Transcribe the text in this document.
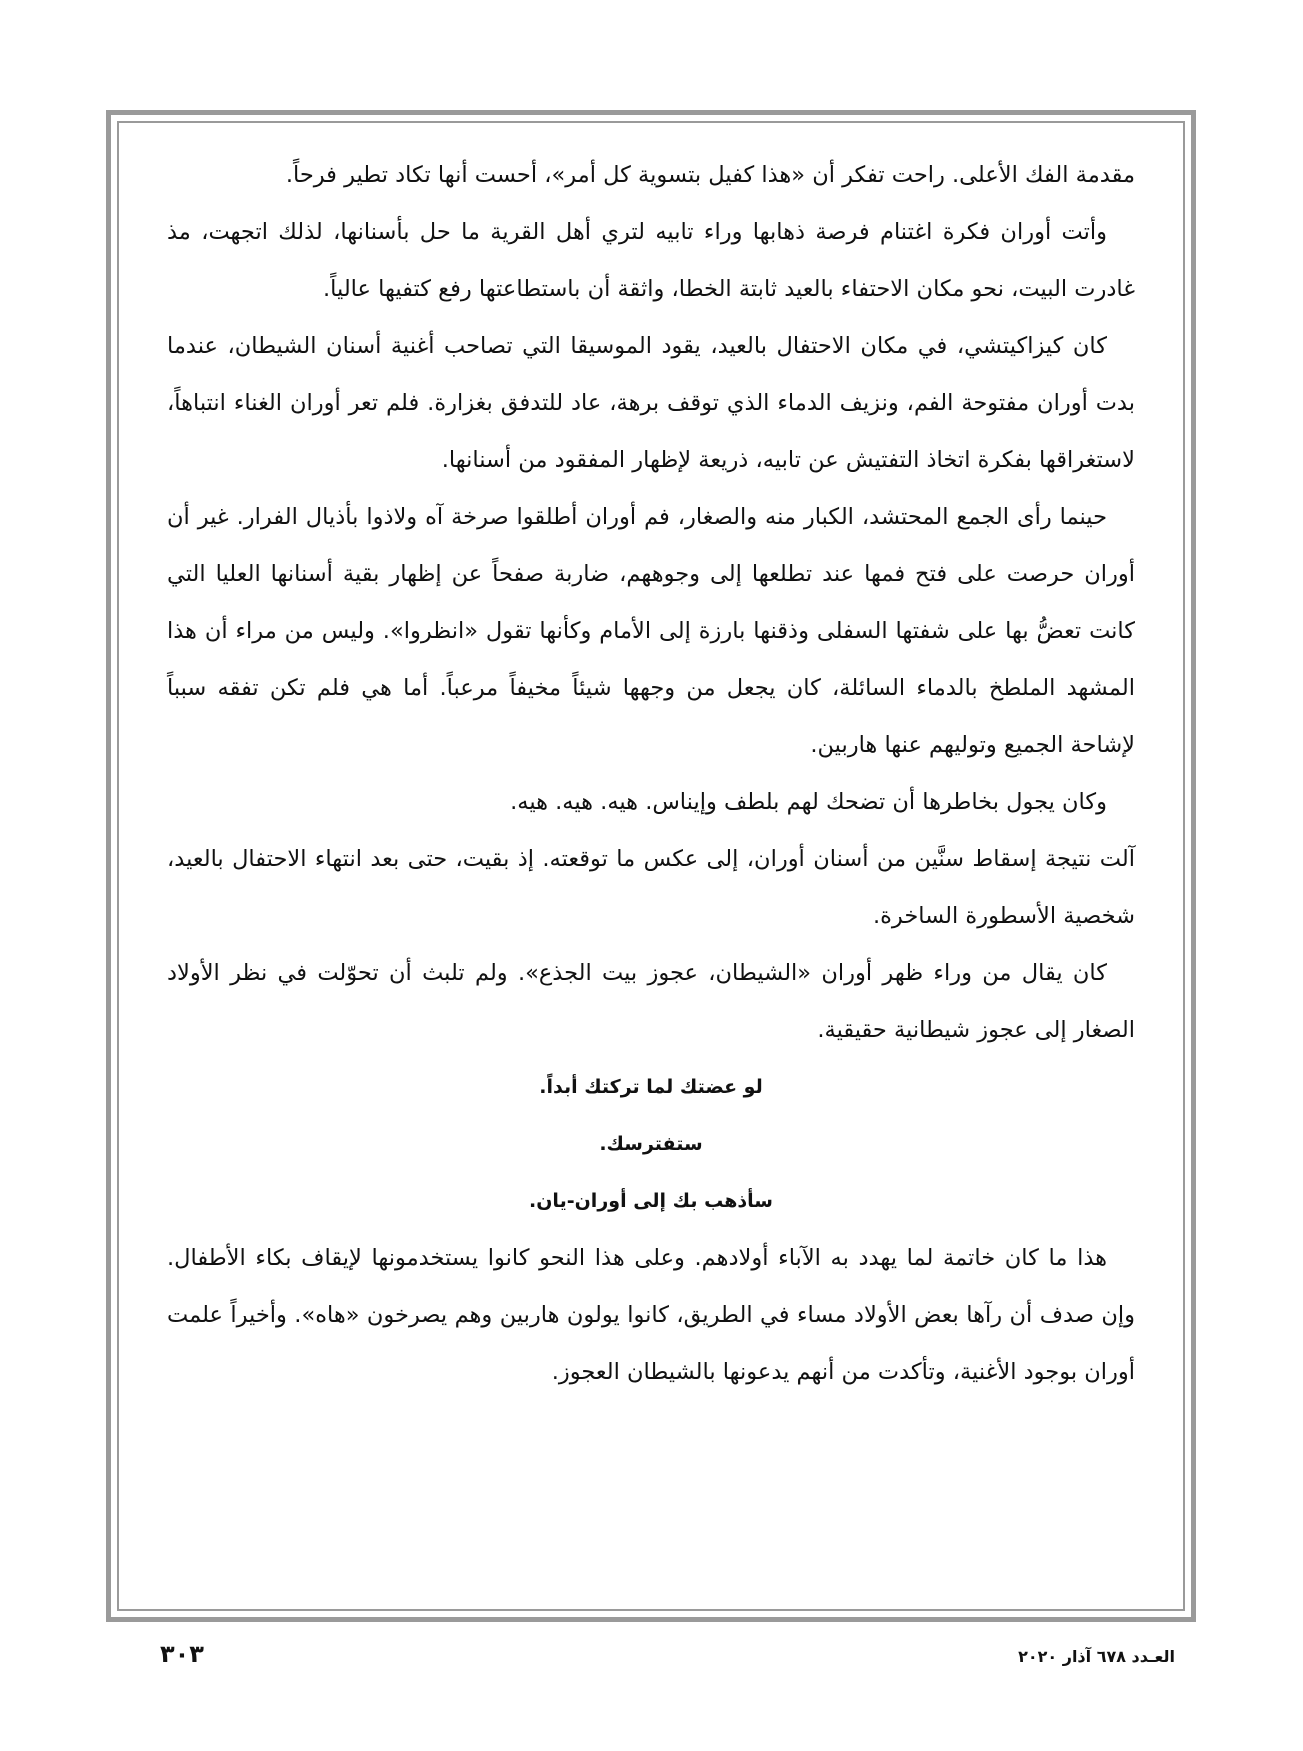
مقدمة الفك الأعلى. راحت تفكر أن «هذا كفيل بتسوية كل أمر»، أحست أنها تكاد تطير فرحاً.

وأتت أوران فكرة اغتنام فرصة ذهابها وراء تابيه لتري أهل القرية ما حل بأسنانها، لذلك اتجهت، مذ غادرت البيت، نحو مكان الاحتفاء بالعيد ثابتة الخطا، واثقة أن باستطاعتها رفع كتفيها عالياً.

كان كيزاكيتشي، في مكان الاحتفال بالعيد، يقود الموسيقا التي تصاحب أغنية أسنان الشيطان، عندما بدت أوران مفتوحة الفم، ونزيف الدماء الذي توقف برهة، عاد للتدفق بغزارة. فلم تعر أوران الغناء انتباهاً، لاستغراقها بفكرة اتخاذ التفتيش عن تابيه، ذريعة لإظهار المفقود من أسنانها.

حينما رأى الجمع المحتشد، الكبار منه والصغار، فم أوران أطلقوا صرخة آه ولاذوا بأذيال الفرار. غير أن أوران حرصت على فتح فمها عند تطلعها إلى وجوههم، ضاربة صفحاً عن إظهار بقية أسنانها العليا التي كانت تعضُّ بها على شفتها السفلى وذقنها بارزة إلى الأمام وكأنها تقول «انظروا». وليس من مراء أن هذا المشهد الملطخ بالدماء السائلة، كان يجعل من وجهها شيئاً مخيفاً مرعباً. أما هي فلم تكن تفقه سبباً لإشاحة الجميع وتوليهم عنها هاربين.

وكان يجول بخاطرها أن تضحك لهم بلطف وإيناس. هيه. هيه. هيه.

آلت نتيجة إسقاط سنَّين من أسنان أوران، إلى عكس ما توقعته. إذ بقيت، حتى بعد انتهاء الاحتفال بالعيد، شخصية الأسطورة الساخرة.

كان يقال من وراء ظهر أوران «الشيطان، عجوز بيت الجذع». ولم تلبث أن تحوّلت في نظر الأولاد الصغار إلى عجوز شيطانية حقيقية.

لو عضتك لما تركتك أبداً.

ستفترسك.

سأذهب بك إلى أوران-يان.

هذا ما كان خاتمة لما يهدد به الآباء أولادهم. وعلى هذا النحو كانوا يستخدمونها لإيقاف بكاء الأطفال. وإن صدف أن رآها بعض الأولاد مساء في الطريق، كانوا يولون هاربين وهم يصرخون «هاه». وأخيراً علمت أوران بوجود الأغنية، وتأكدت من أنهم يدعونها بالشيطان العجوز.

العـدد ٦٧٨ آذار ٢٠٢٠
٣٠٣
